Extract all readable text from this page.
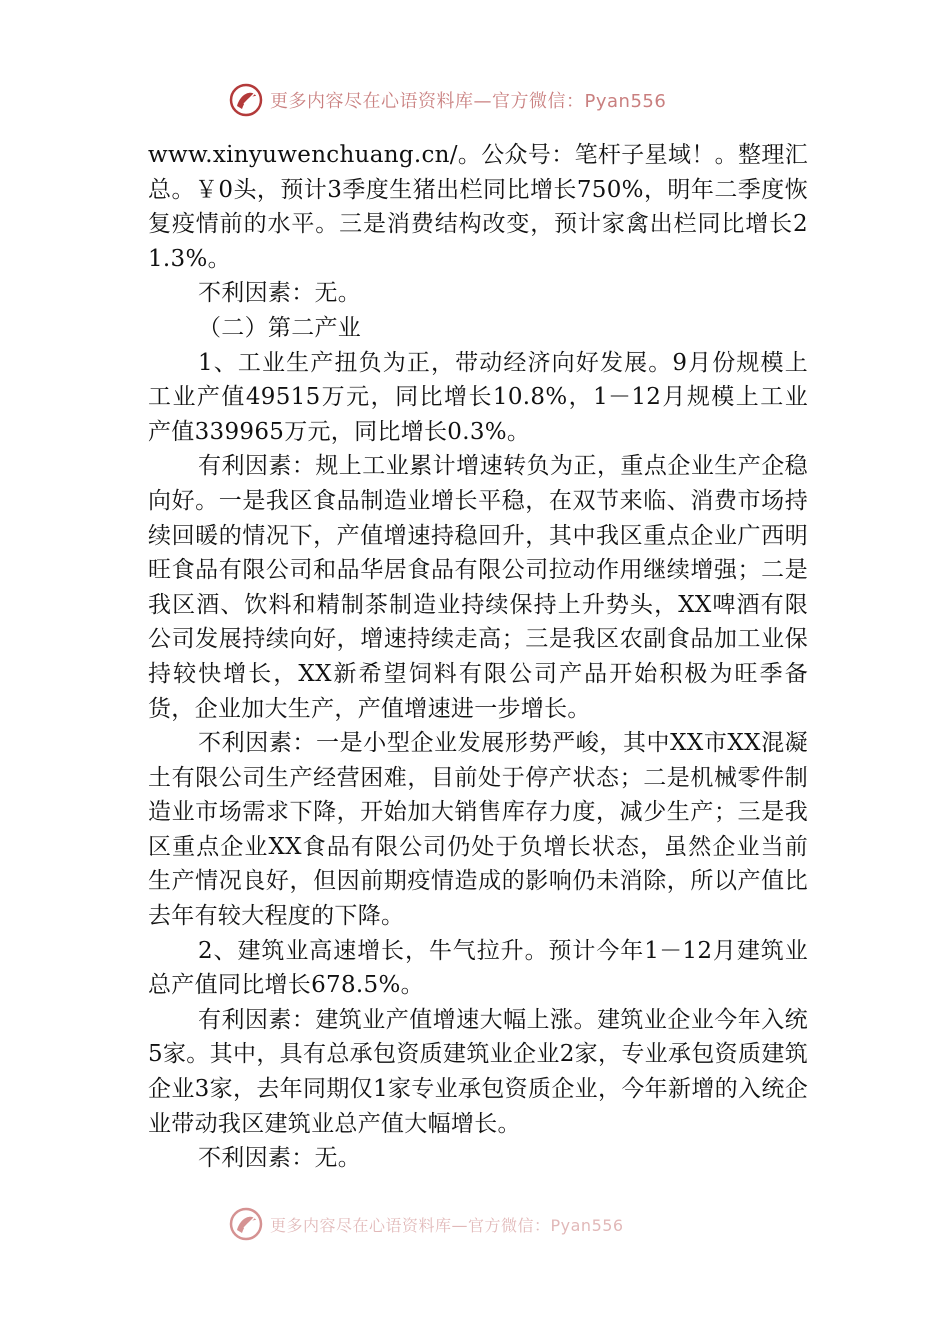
更多内容尽在心语资料库—官方微信：Pyan556

www.xinyuwenchuang.cn/。公众号：笔杆子星域！。整理汇总。￥0头，预计3季度生猪出栏同比增长750%，明年二季度恢复疫情前的水平。三是消费结构改变，预计家禽出栏同比增长21.3%。

不利因素：无。

（二）第二产业

1、工业生产扭负为正，带动经济向好发展。9月份规模上工业产值49515万元，同比增长10.8%，1－12月规模上工业产值339965万元，同比增长0.3%。

有利因素：规上工业累计增速转负为正，重点企业生产企稳向好。一是我区食品制造业增长平稳，在双节来临、消费市场持续回暖的情况下，产值增速持稳回升，其中我区重点企业广西明旺食品有限公司和品华居食品有限公司拉动作用继续增强；二是我区酒、饮料和精制茶制造业持续保持上升势头，XX啤酒有限公司发展持续向好，增速持续走高；三是我区农副食品加工业保持较快增长，XX新希望饲料有限公司产品开始积极为旺季备货，企业加大生产，产值增速进一步增长。

不利因素：一是小型企业发展形势严峻，其中XX市XX混凝土有限公司生产经营困难，目前处于停产状态；二是机械零件制造业市场需求下降，开始加大销售库存力度，减少生产；三是我区重点企业XX食品有限公司仍处于负增长状态，虽然企业当前生产情况良好，但因前期疫情造成的影响仍未消除，所以产值比去年有较大程度的下降。

2、建筑业高速增长，牛气拉升。预计今年1－12月建筑业总产值同比增长678.5%。

有利因素：建筑业产值增速大幅上涨。建筑业企业今年入统5家。其中，具有总承包资质建筑业企业2家，专业承包资质建筑企业3家，去年同期仅1家专业承包资质企业，今年新增的入统企业带动我区建筑业总产值大幅增长。

不利因素：无。

更多内容尽在心语资料库—官方微信：Pyan556
